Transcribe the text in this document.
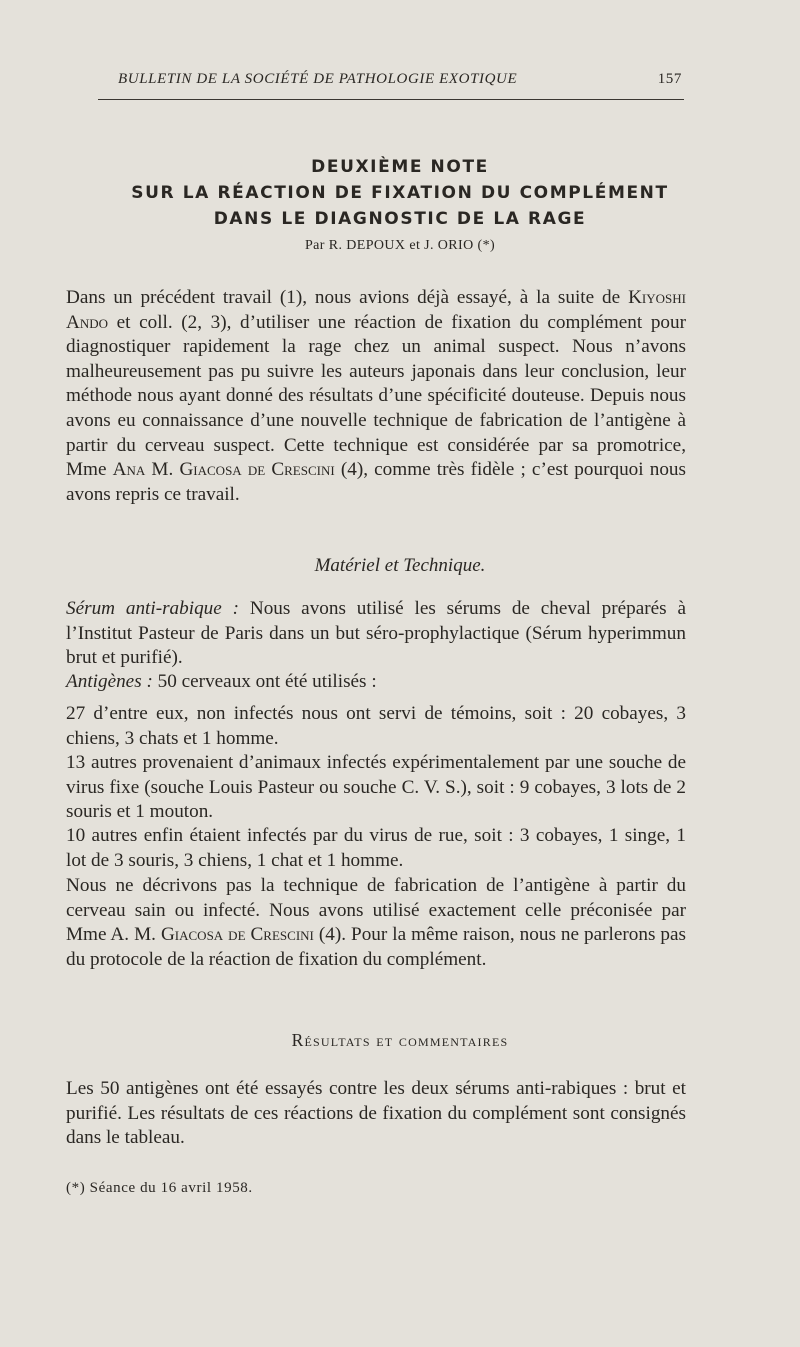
BULLETIN DE LA SOCIÉTÉ DE PATHOLOGIE EXOTIQUE	157
DEUXIÈME NOTE
SUR LA RÉACTION DE FIXATION DU COMPLÉMENT
DANS LE DIAGNOSTIC DE LA RAGE
Par R. DEPOUX et J. ORIO (*)
Dans un précédent travail (1), nous avions déjà essayé, à la suite de Kiyoshi Ando et coll. (2, 3), d’utiliser une réaction de fixation du complément pour diagnostiquer rapidement la rage chez un animal suspect. Nous n’avons malheureusement pas pu suivre les auteurs japonais dans leur conclusion, leur méthode nous ayant donné des résultats d’une spécificité douteuse. Depuis nous avons eu connaissance d’une nouvelle technique de fabrication de l’antigène à partir du cerveau suspect. Cette technique est considérée par sa promotrice, Mme Ana M. Giacosa de Crescini (4), comme très fidèle ; c’est pourquoi nous avons repris ce travail.
Matériel et Technique.
Sérum anti-rabique : Nous avons utilisé les sérums de cheval préparés à l’Institut Pasteur de Paris dans un but séro-prophylactique (Sérum hyperimmun brut et purifié).
Antigènes : 50 cerveaux ont été utilisés :
27 d’entre eux, non infectés nous ont servi de témoins, soit : 20 cobayes, 3 chiens, 3 chats et 1 homme.
13 autres provenaient d’animaux infectés expérimentalement par une souche de virus fixe (souche Louis Pasteur ou souche C. V. S.), soit : 9 cobayes, 3 lots de 2 souris et 1 mouton.
10 autres enfin étaient infectés par du virus de rue, soit : 3 cobayes, 1 singe, 1 lot de 3 souris, 3 chiens, 1 chat et 1 homme.
Nous ne décrivons pas la technique de fabrication de l’antigène à partir du cerveau sain ou infecté. Nous avons utilisé exactement celle préconisée par Mme A. M. Giacosa de Crescini (4). Pour la même raison, nous ne parlerons pas du protocole de la réaction de fixation du complément.
Résultats et commentaires
Les 50 antigènes ont été essayés contre les deux sérums anti-rabiques : brut et purifié. Les résultats de ces réactions de fixation du complément sont consignés dans le tableau.
(*) Séance du 16 avril 1958.
